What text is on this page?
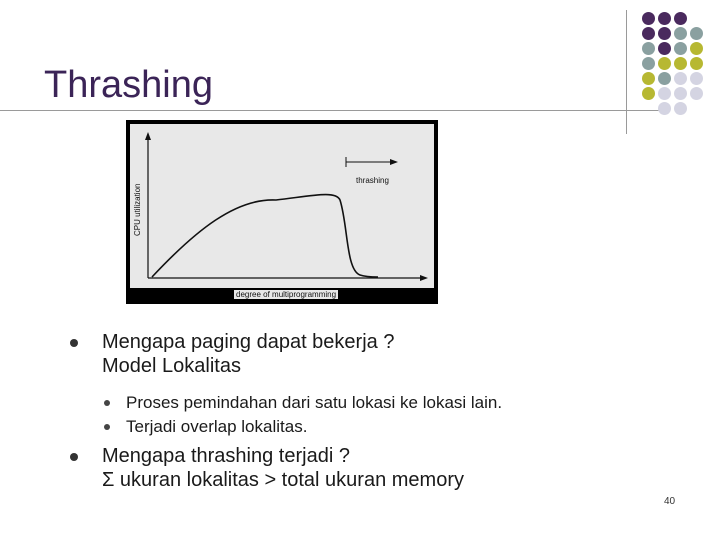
Thrashing
thrashing
CPU utilization
degree of multiprogramming
Mengapa paging dapat bekerja ?
Model Lokalitas
Proses pemindahan dari satu lokasi ke lokasi lain.
Terjadi overlap lokalitas.
Mengapa thrashing terjadi ?
Σ ukuran lokalitas > total ukuran memory
40
